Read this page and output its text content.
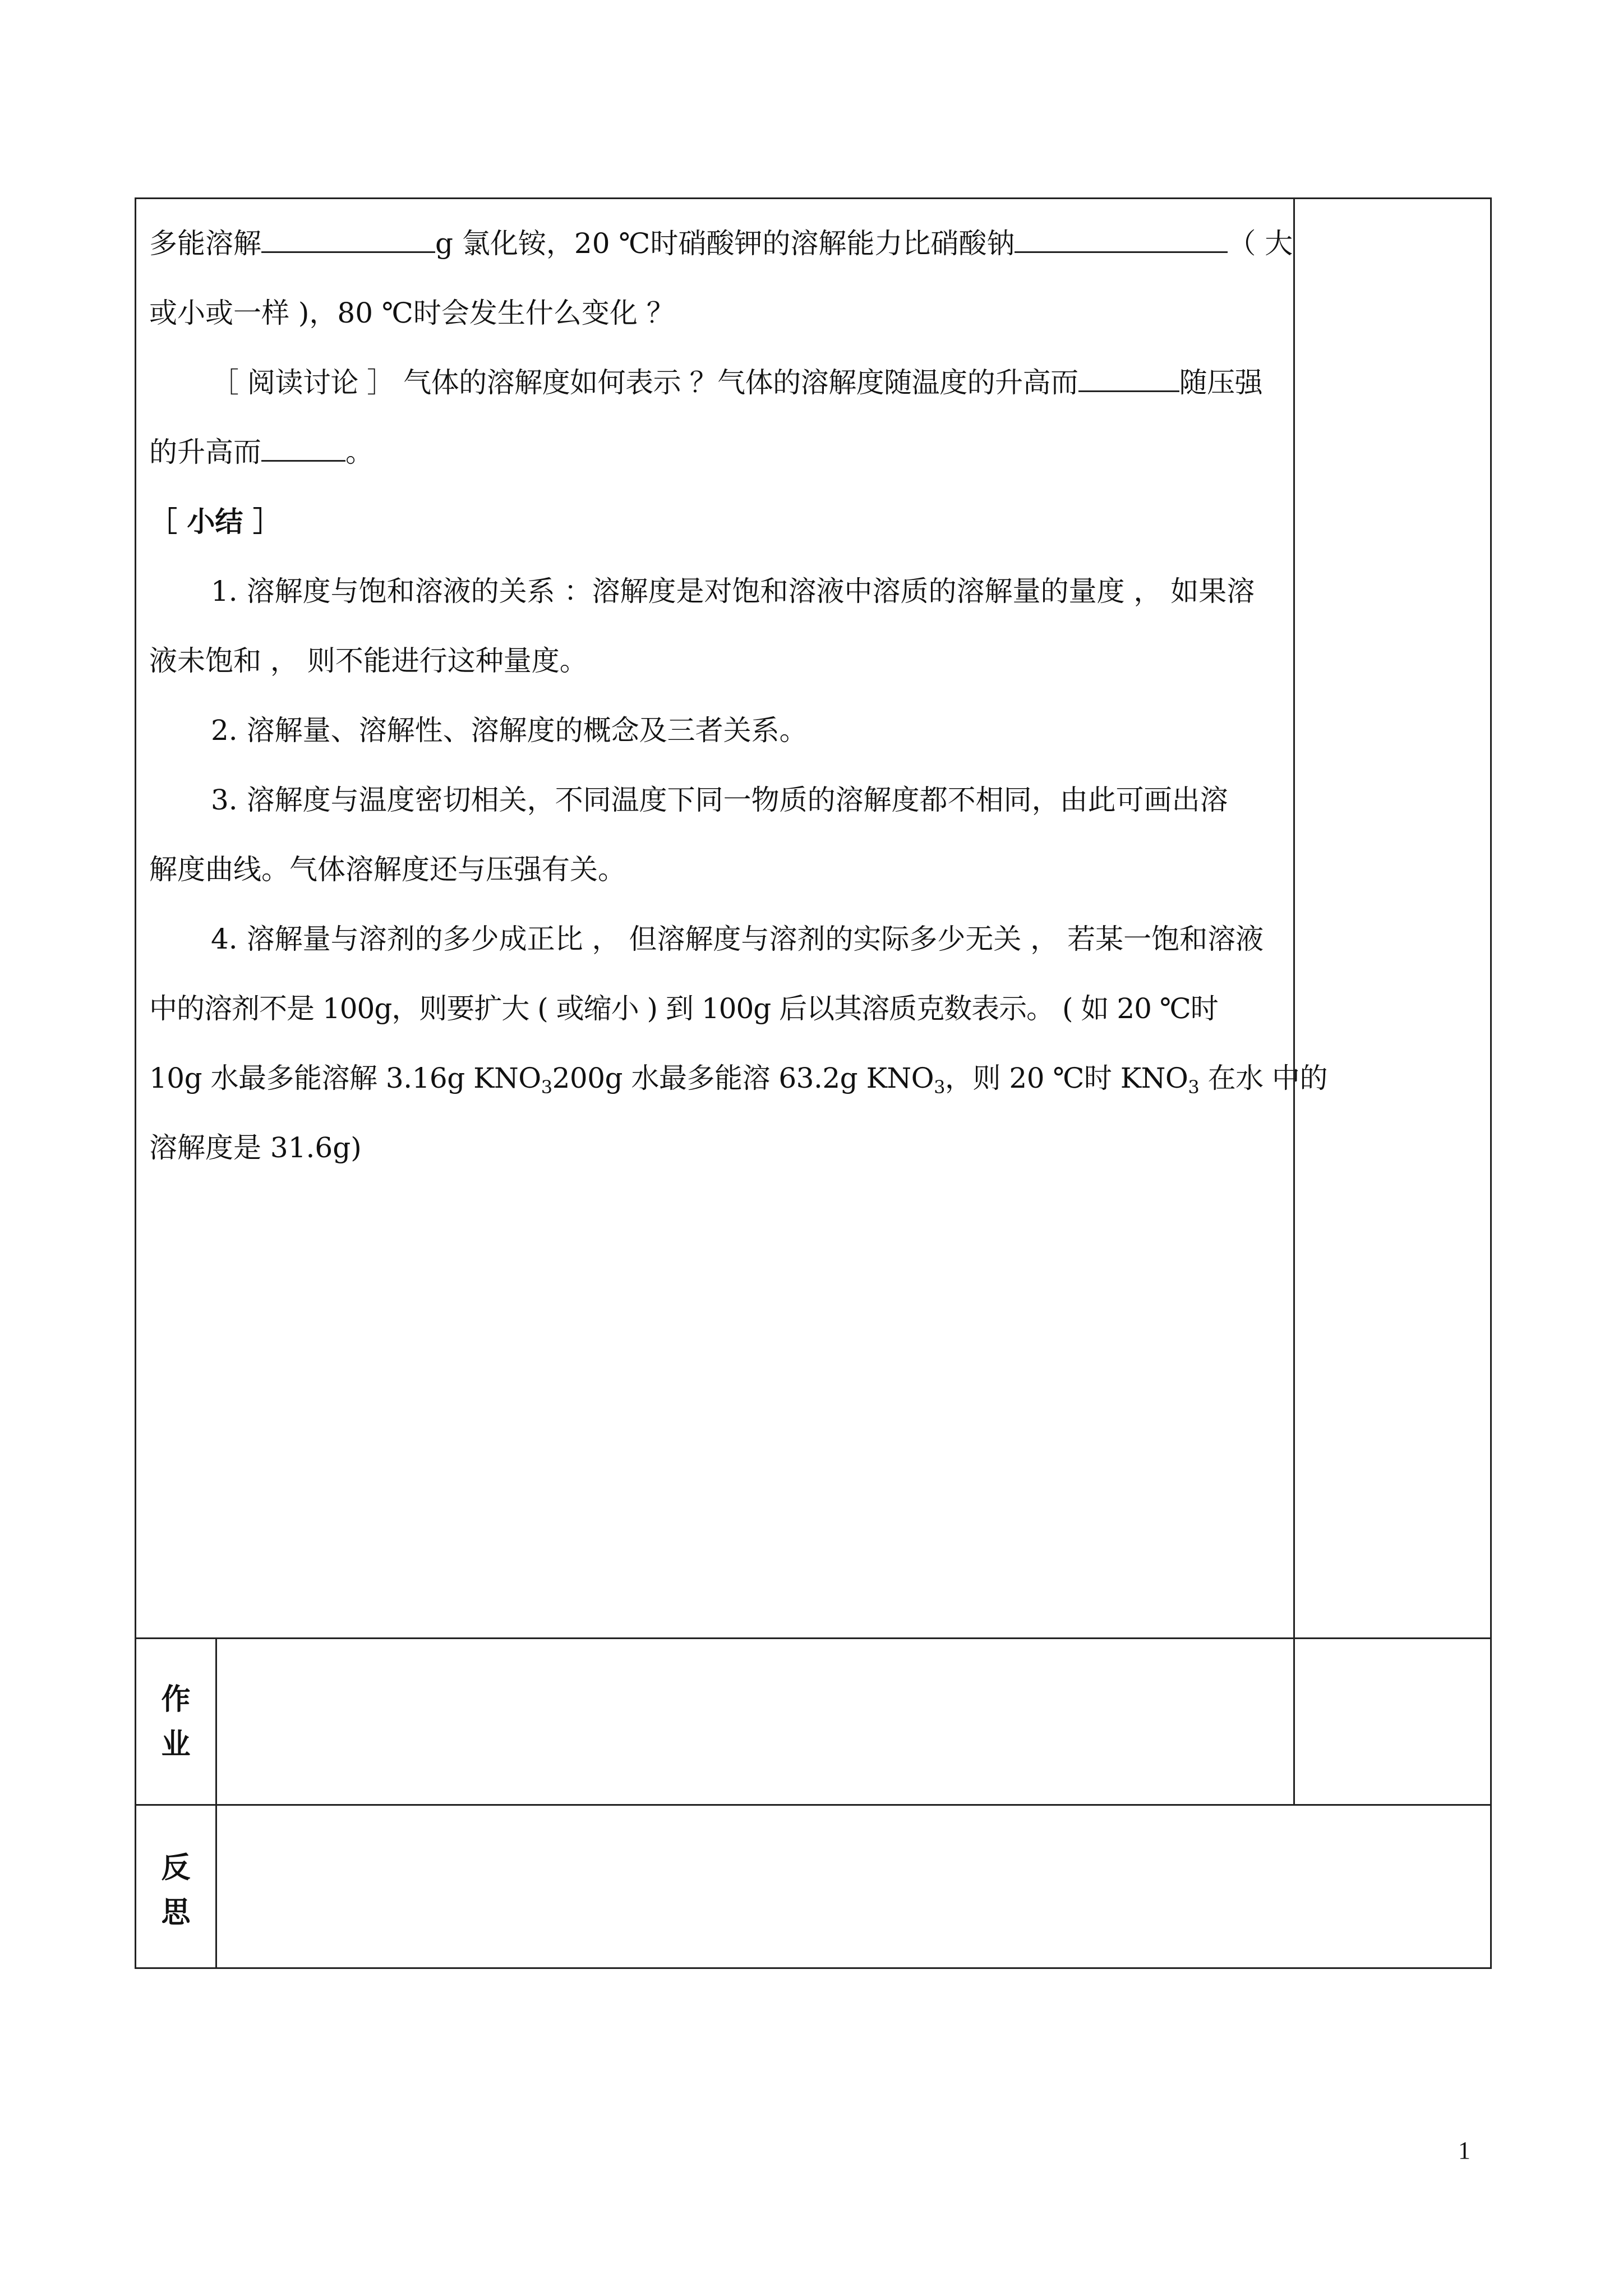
多能溶解	g 氯化铵，20 ℃时硝酸钾的溶解能力比硝酸钠	（ 大

或小或一样 )，80 ℃时会发生什么变化 ？

［ 阅读讨论 ］ 气体的溶解度如何表示 ？气体的溶解度随温度的升高而	随压强

的升高而	。

［ 小结 ］

1. 溶解度与饱和溶液的关系 ：溶解度是对饱和溶液中溶质的溶解量的量度 ， 如果溶

液未饱和 ， 则不能进行这种量度。

2. 溶解量、溶解性、溶解度的概念及三者关系。

3. 溶解度与温度密切相关，不同温度下同一物质的溶解度都不相同，由此可画出溶

解度曲线。气体溶解度还与压强有关。

4. 溶解量与溶剂的多少成正比 ， 但溶解度与溶剂的实际多少无关 ， 若某一饱和溶液

中的溶剂不是 100g，则要扩大 ( 或缩小 ) 到 100g 后以其溶质克数表示。 ( 如 20 ℃时

10g 水最多能溶解 3.16g $KNO_3200g$ 水最多能溶 63.2g $KNO_3$，则 20 ℃时 $KNO_3$ 在水 中的

溶解度是 31.6g)

作
业
反
思
1
